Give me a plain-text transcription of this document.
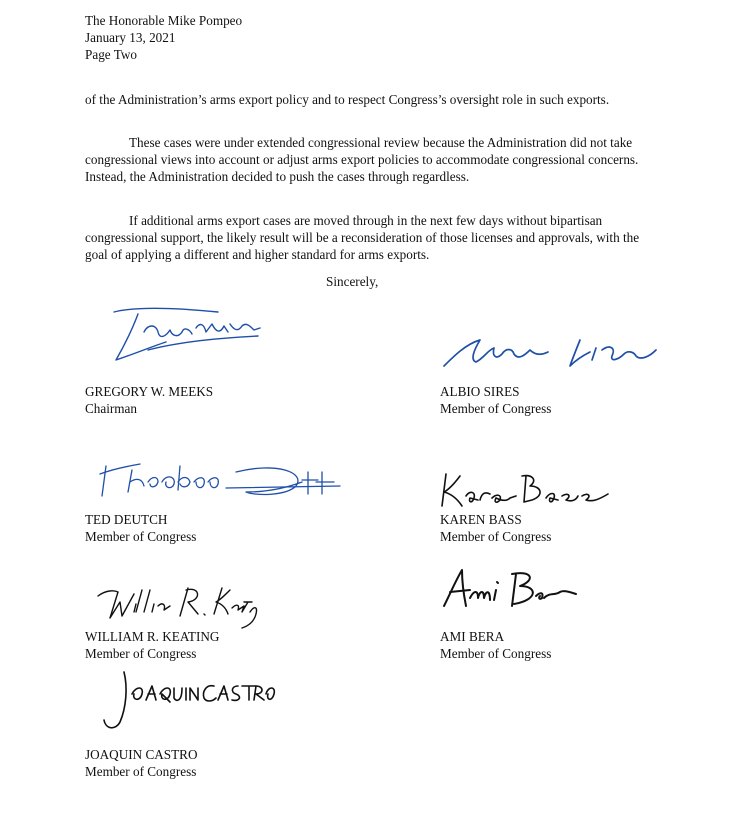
The Honorable Mike Pompeo
January 13, 2021
Page Two

of the Administration’s arms export policy and to respect Congress’s oversight role in such exports.

These cases were under extended congressional review because the Administration did not take congressional views into account or adjust arms export policies to accommodate congressional concerns. Instead, the Administration decided to push the cases through regardless.

If additional arms export cases are moved through in the next few days without bipartisan congressional support, the likely result will be a reconsideration of those licenses and approvals, with the goal of applying a different and higher standard for arms exports.

Sincerely,
GREGORY W. MEEKS
Chairman
ALBIO SIRES
Member of Congress
TED DEUTCH
Member of Congress
KAREN BASS
Member of Congress
WILLIAM R. KEATING
Member of Congress
AMI BERA
Member of Congress
JOAQUIN CASTRO
Member of Congress
